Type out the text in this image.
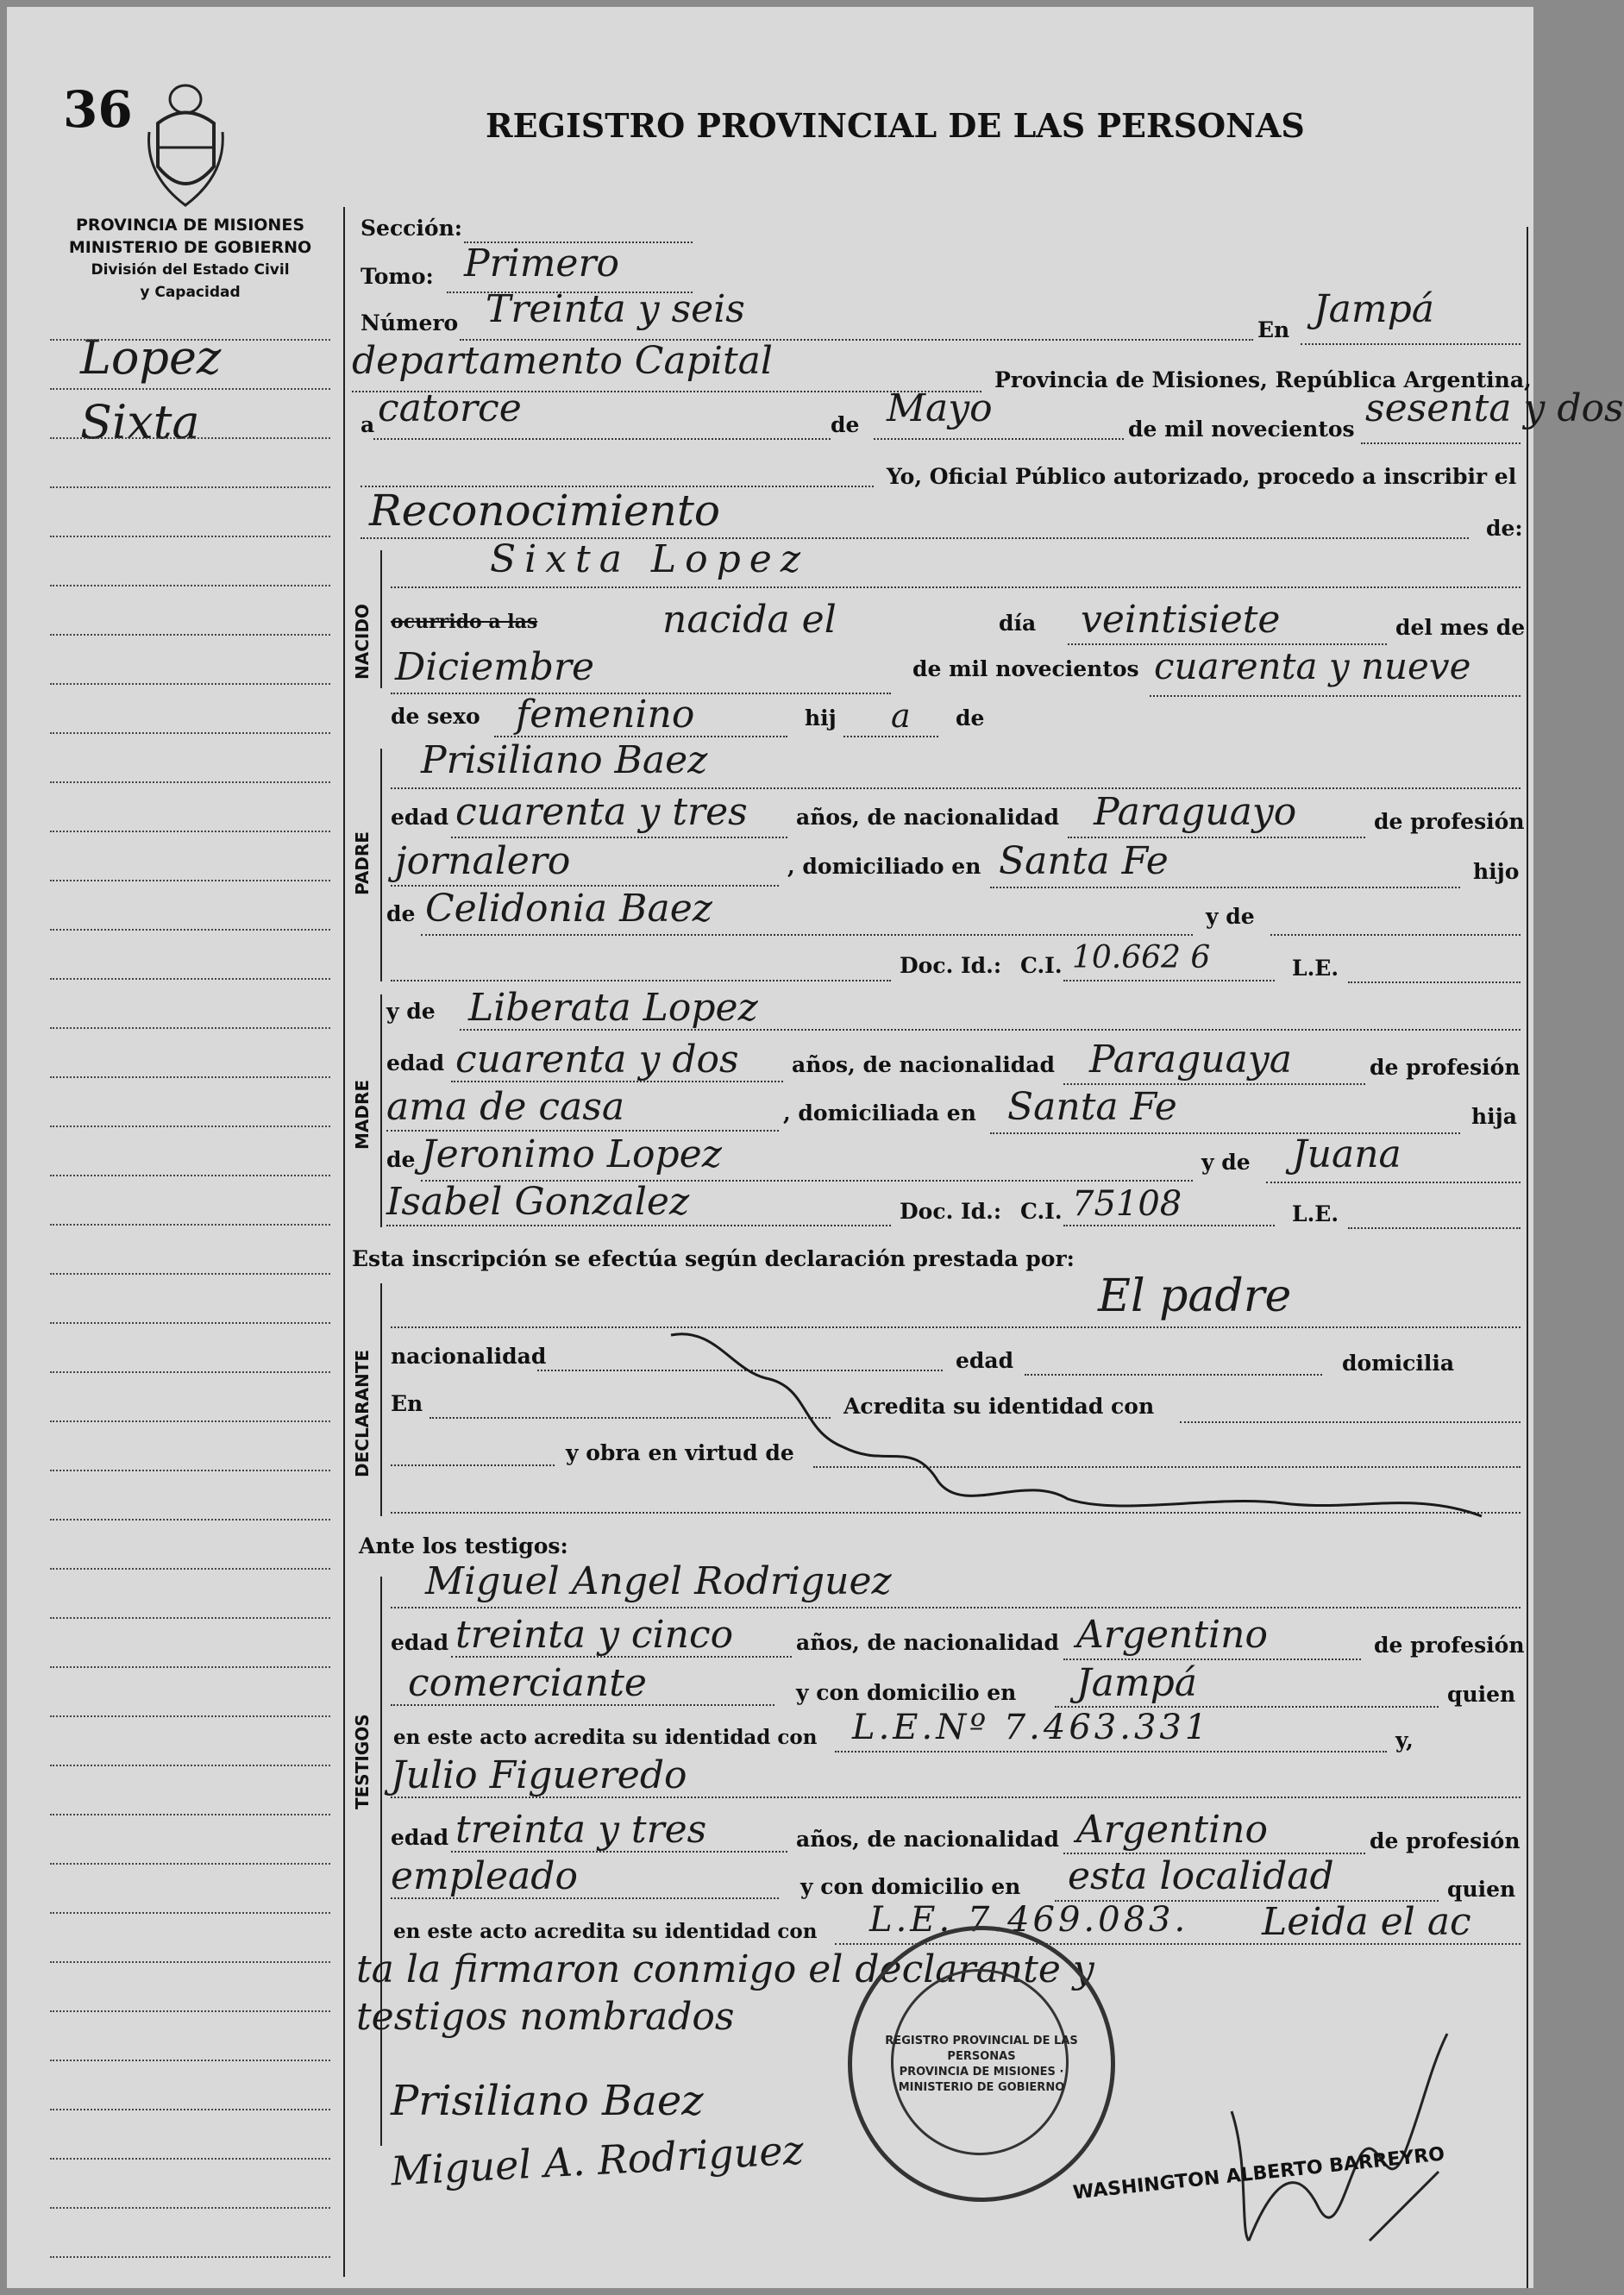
36	REGISTRO PROVINCIAL DE LAS PERSONAS
PROVINCIA DE MISIONES
MINISTERIO DE GOBIERNO
División del Estado Civil
y Capacidad
Lopez
Sixta
NACIDO
PADRE
MADRE
DECLARANTE
TESTIGOS
Sección:
Tomo: Primero
Número Treinta y seis	En Jampá
departamento Capital	Provincia de Misiones, República Argentina,
a catorce	de Mayo	de mil novecientos sesenta y dos
Yo, Oficial Público autorizado, procedo a inscribir el
Reconocimiento	de:
Sixta Lopez
ocurrido a las	nacida el	día veintisiete	del mes de
Diciembre	de mil novecientos cuarenta y nueve
de sexo femenino	hij a de
Prisiliano Baez
edad cuarenta y tres años, de nacionalidad Paraguayo	de profesión
jornalero	, domiciliado en Santa Fe	hijo
de Celidonia Baez	y de
Doc. Id.: C.I. 10.662 6	L.E.
y de Liberata Lopez
edad cuarenta y dos años, de nacionalidad Paraguaya	de profesión
ama de casa	, domiciliada en Santa Fe	hija
de Jeronimo Lopez	y de Juana
Isabel Gonzalez	Doc. Id.: C.I. 75108	L.E.
Esta inscripción se efectúa según declaración prestada por:
El padre
nacionalidad	edad	domicilia
En	Acredita su identidad con
y obra en virtud de
Ante los testigos:
Miguel Angel Rodriguez
edad treinta y cinco	años, de nacionalidad Argentino	de profesión
comerciante	y con domicilio en Jampá	quien
en este acto acredita su identidad con L.E.Nº 7.463.331	y,
Julio Figueredo
edad treinta y tres	años, de nacionalidad Argentino	de profesión
empleado	y con domicilio en esta localidad	quien
en este acto acredita su identidad con L.E. 7.469.083. Leida el ac
ta la firmaron conmigo el declarante y
testigos nombrados
Prisiliano Baez
Miguel A. Rodriguez
REGISTRO PROVINCIAL DE LAS PERSONAS
PROVINCIA DE MISIONES · MINISTERIO DE GOBIERNO
WASHINGTON ALBERTO BARREYRO
